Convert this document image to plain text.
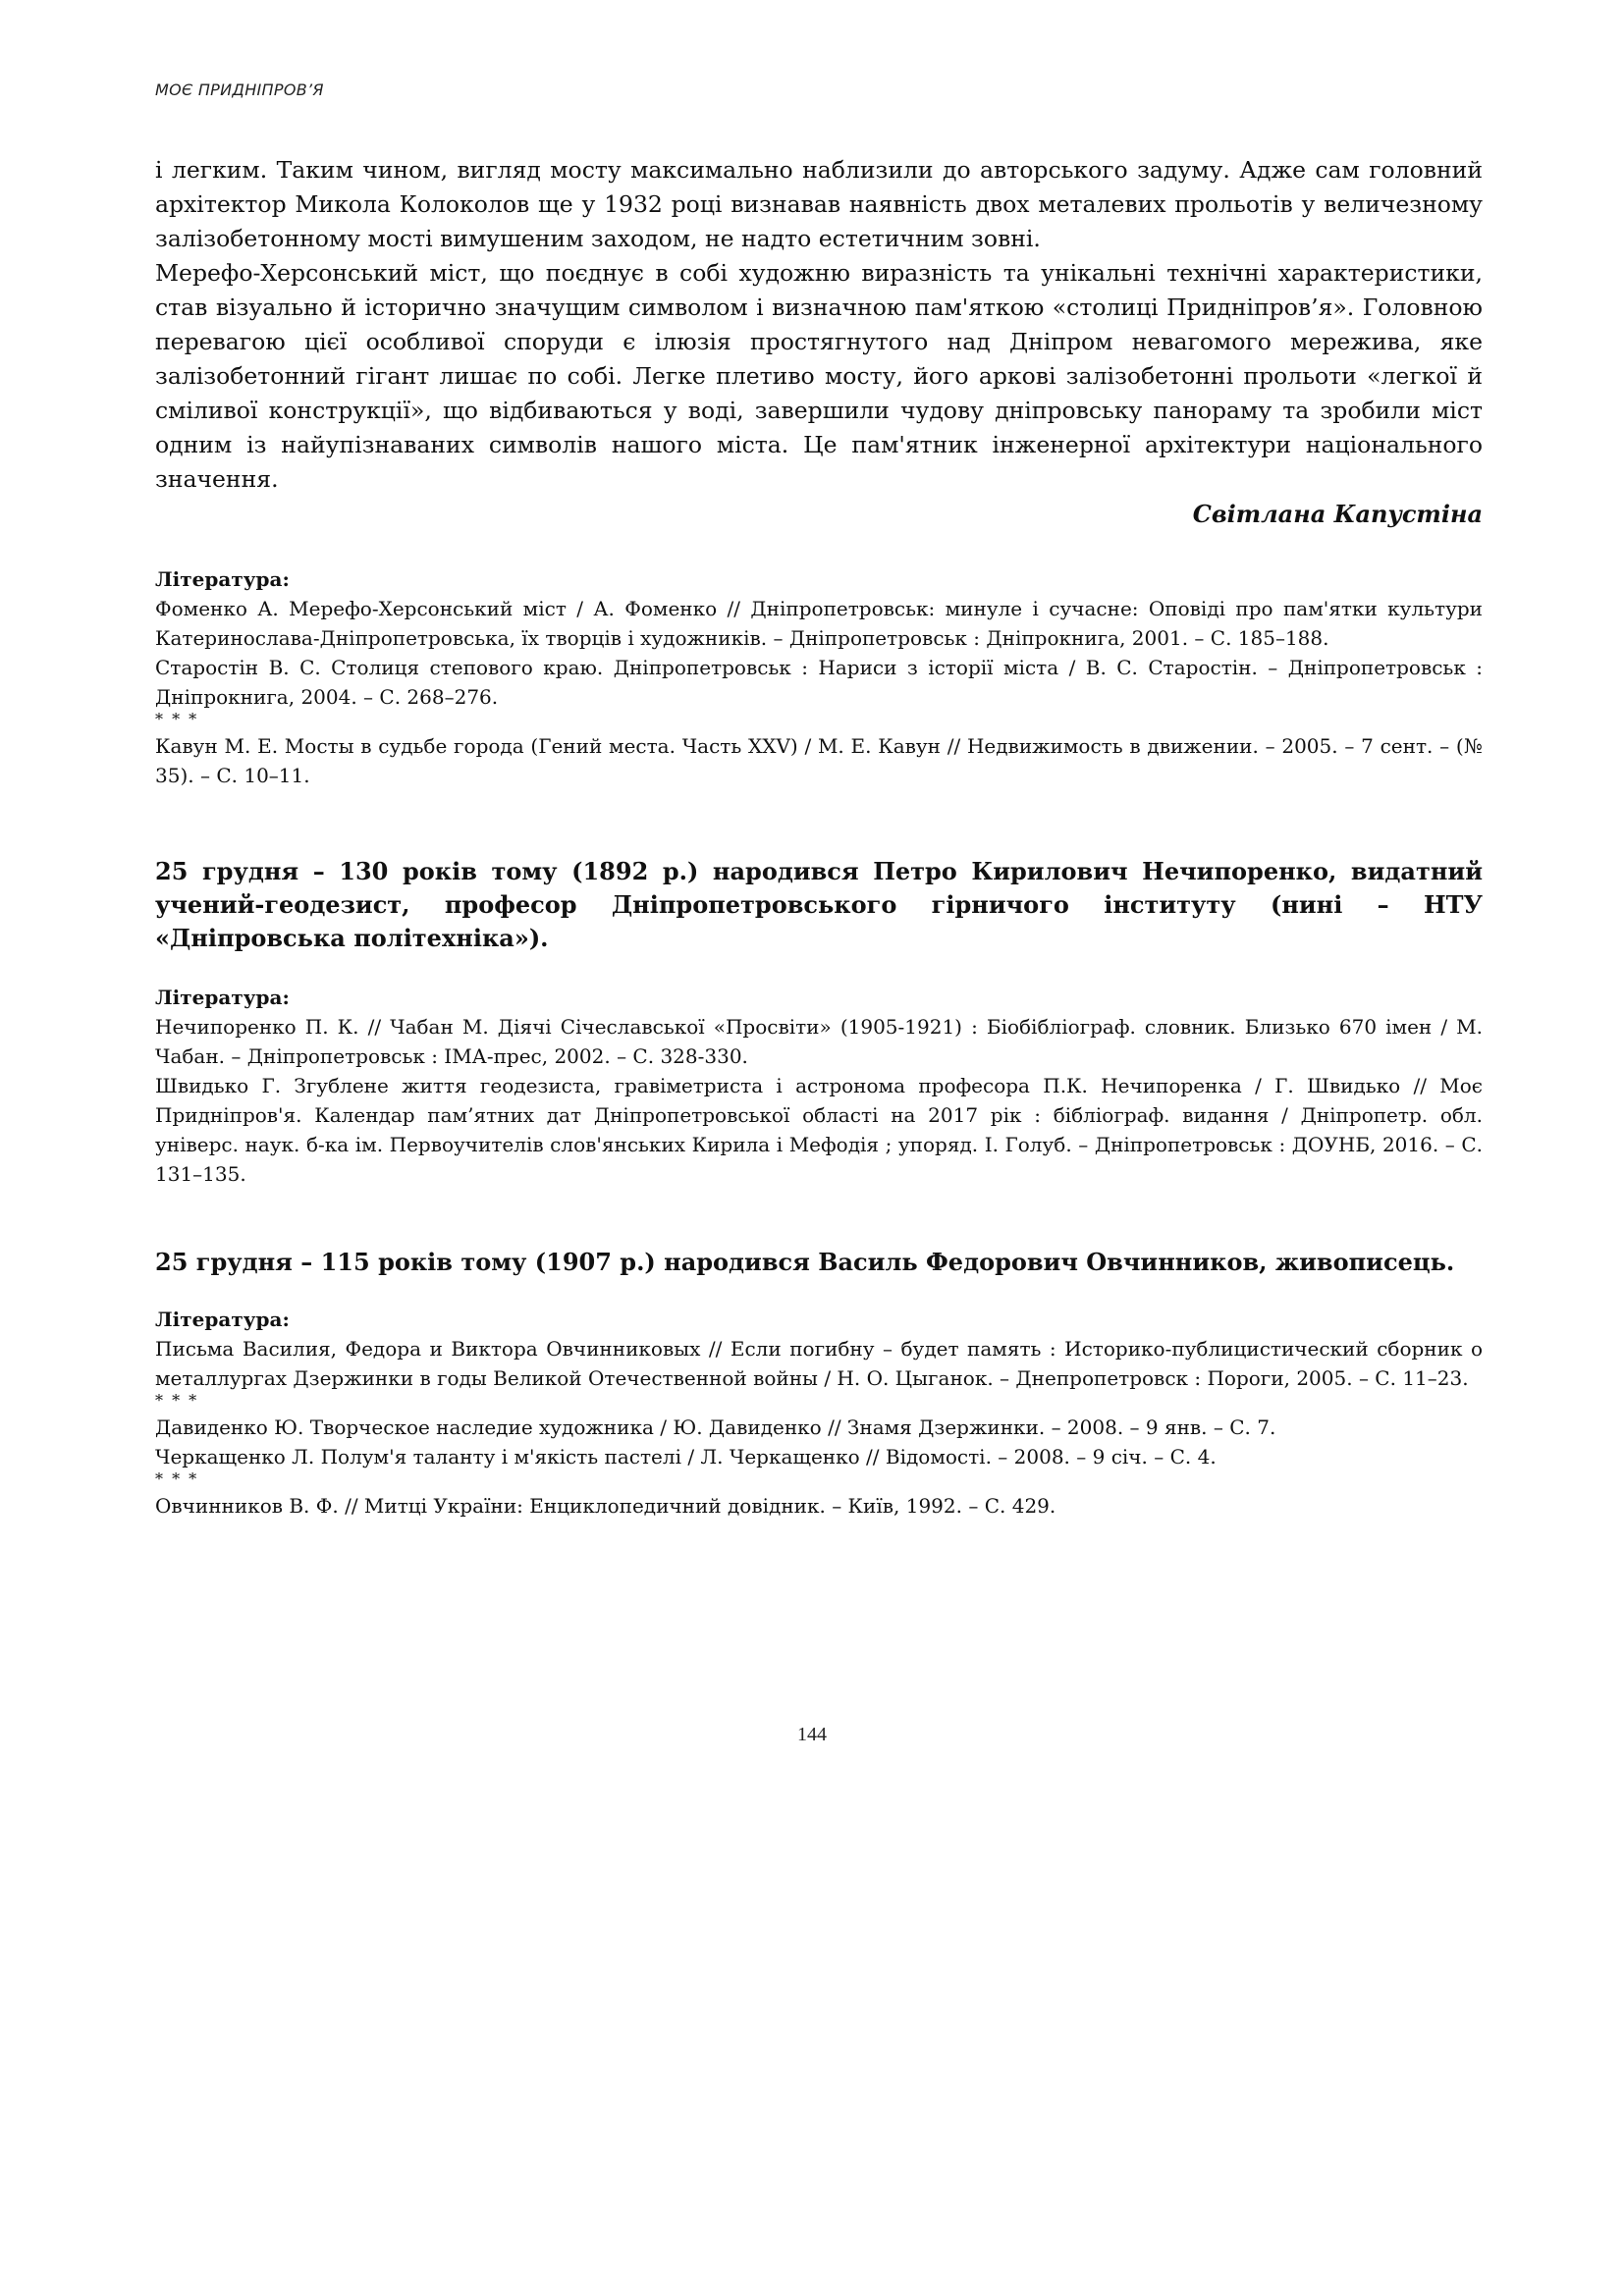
МОЄ ПРИДНІПРОВ’Я

і легким. Таким чином, вигляд мосту максимально наблизили до авторського задуму. Адже сам головний архітектор Микола Колоколов ще у 1932 році визнавав наявність двох металевих прольотів у величезному залізобетонному мості вимушеним заходом, не надто естетичним зовні.

Мерефо-Херсонський міст, що поєднує в собі художню виразність та унікальні технічні характеристики, став візуально й історично значущим символом і визначною пам'яткою «столиці Придніпров’я». Головною перевагою цієї особливої споруди є ілюзія простягнутого над Дніпром невагомого мережива, яке залізобетонний гігант лишає по собі. Легке плетиво мосту, його аркові залізобетонні прольоти «легкої й сміливої конструкції», що відбиваються у воді, завершили чудову дніпровську панораму та зробили міст одним із найупізнаваних символів нашого міста. Це пам'ятник інженерної архітектури національного значення.

Світлана Капустіна

Література:

Фоменко А. Мерефо-Херсонський міст / А. Фоменко // Дніпропетровськ: минуле і сучасне: Оповіді про пам'ятки культури Катеринослава-Дніпропетровська, їх творців і художників. – Дніпропетровськ : Дніпрокнига, 2001. – С. 185–188.

Старостін В. С. Столиця степового краю. Дніпропетровськ : Нариси з історії міста / В. С. Старостін. – Дніпропетровськ : Дніпрокнига, 2004. – С. 268–276.

* * *

Кавун М. Е. Мосты в судьбе города (Гений места. Часть XXV) / М. Е. Кавун // Недвижимость в движении. – 2005. – 7 сент. – (№ 35). – С. 10–11.

25 грудня – 130 років тому (1892 р.) народився Петро Кирилович Нечипоренко, видатний учений-геодезист, професор Дніпропетровського гірничого інституту (нині – НТУ «Дніпровська політехніка»).

Література:

Нечипоренко П. К. // Чабан М. Діячі Січеславської «Просвіти» (1905-1921) : Біобібліограф. словник. Близько 670 імен / М. Чабан. – Дніпропетровськ : ІМА-прес, 2002. – С. 328-330.

Швидько Г. Згублене життя геодезиста, гравіметриста і астронома професора П.К. Нечипоренка / Г. Швидько // Моє Придніпров'я. Календар пам’ятних дат Дніпропетровської області на 2017 рік : бібліограф. видання / Дніпропетр. обл. універс. наук. б-ка ім. Первоучителів слов'янських Кирила і Мефодія ; упоряд. І. Голуб. – Дніпропетровськ : ДОУНБ, 2016. – С. 131–135.

25 грудня – 115 років тому (1907 р.) народився Василь Федорович Овчинников, живописець.

Література:

Письма Василия, Федора и Виктора Овчинниковых // Если погибну – будет память : Историко-публицистический сборник о металлургах Дзержинки в годы Великой Отечественной войны / Н. О. Цыганок. – Днепропетровск : Пороги, 2005. – С. 11–23.

* * *

Давиденко Ю. Творческое наследие художника / Ю. Давиденко // Знамя Дзержинки. – 2008. – 9 янв. – С. 7.

Черкащенко Л. Полум'я таланту і м'якість пастелі / Л. Черкащенко // Відомості. – 2008. – 9 січ. – С. 4.

* * *

Овчинников В. Ф. // Митці України: Енциклопедичний довідник. – Київ, 1992. – С. 429.

144
